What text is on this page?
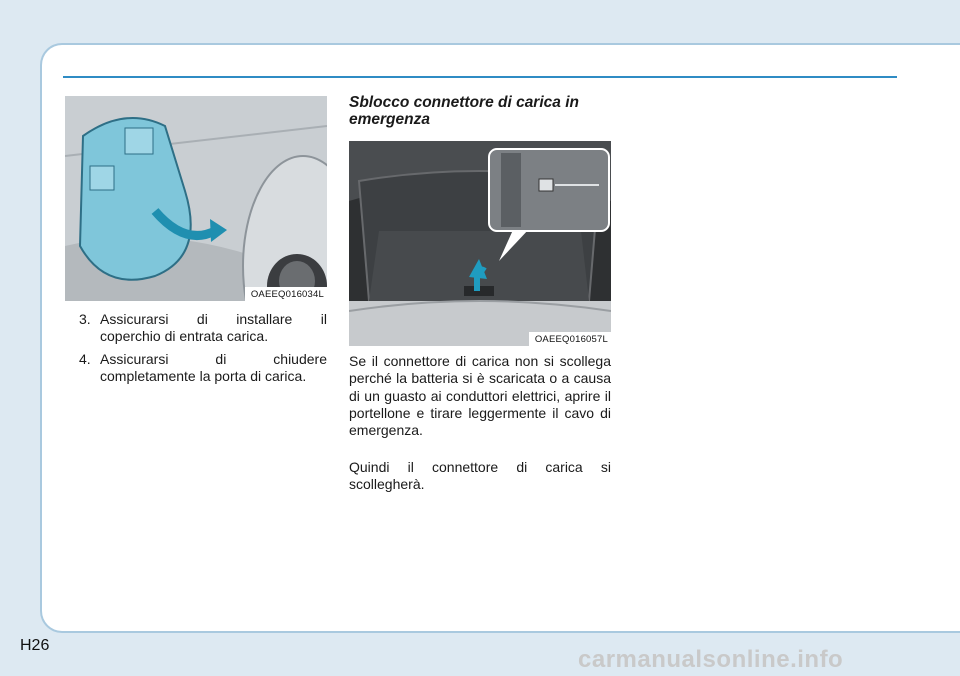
OAEEQ016034L
3. Assicurarsi di installare il
coperchio di entrata carica.
4. Assicurarsi di chiudere
completamente la porta di carica.
Sblocco connettore di carica in emergenza
OAEEQ016057L

Se il connettore di carica non si scollega perché la batteria si è scaricata o a causa di un guasto ai conduttori elettrici, aprire il portellone e tirare leggermente il cavo di emergenza.

Quindi il connettore di carica si scollegherà.

H26
carmanualsonline.info
